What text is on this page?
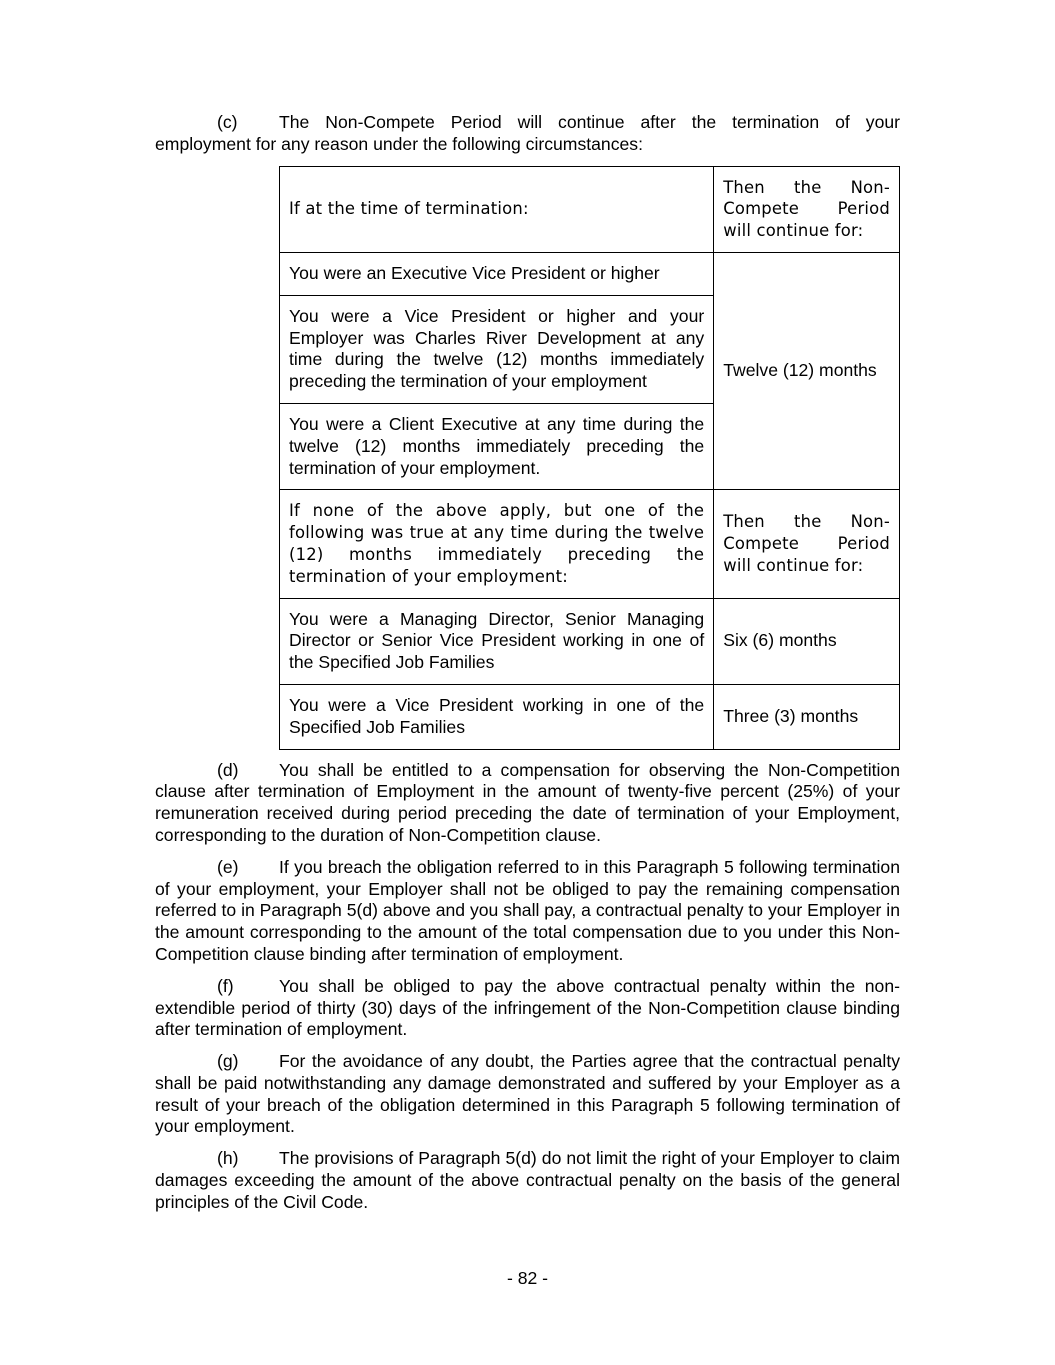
(c) The Non-Compete Period will continue after the termination of your employment for any reason under the following circumstances:

If at the time of termination:	Then the Non-Compete Period will continue for:
You were an Executive Vice President or higher	Twelve (12) months
You were a Vice President or higher and your Employer was Charles River Development at any time during the twelve (12) months immediately preceding the termination of your employment	
You were a Client Executive at any time during the twelve (12) months immediately preceding the termination of your employment.	
If none of the above apply, but one of the following was true at any time during the twelve (12) months immediately preceding the termination of your employment:	Then the Non-Compete Period will continue for:
You were a Managing Director, Senior Managing Director or Senior Vice President working in one of the Specified Job Families	Six (6) months
You were a Vice President working in one of the Specified Job Families	Three (3) months

(d) You shall be entitled to a compensation for observing the Non-Competition clause after termination of Employment in the amount of twenty-five percent (25%) of your remuneration received during period preceding the date of termination of your Employment, corresponding to the duration of Non-Competition clause.

(e) If you breach the obligation referred to in this Paragraph 5 following termination of your employment, your Employer shall not be obliged to pay the remaining compensation referred to in Paragraph 5(d) above and you shall pay, a contractual penalty to your Employer in the amount corresponding to the amount of the total compensation due to you under this Non-Competition clause binding after termination of employment.

(f)	You shall be obliged to pay the above contractual penalty within the non-extendible period of thirty (30) days of the infringement of the Non-Competition clause binding after termination of employment.

(g) For the avoidance of any doubt, the Parties agree that the contractual penalty shall be paid notwithstanding any damage demonstrated and suffered by your Employer as a result of your breach of the obligation determined in this Paragraph 5 following termination of your employment.

(h) The provisions of Paragraph 5(d) do not limit the right of your Employer to claim damages exceeding the amount of the above contractual penalty on the basis of the general principles of the Civil Code.

- 82 -
